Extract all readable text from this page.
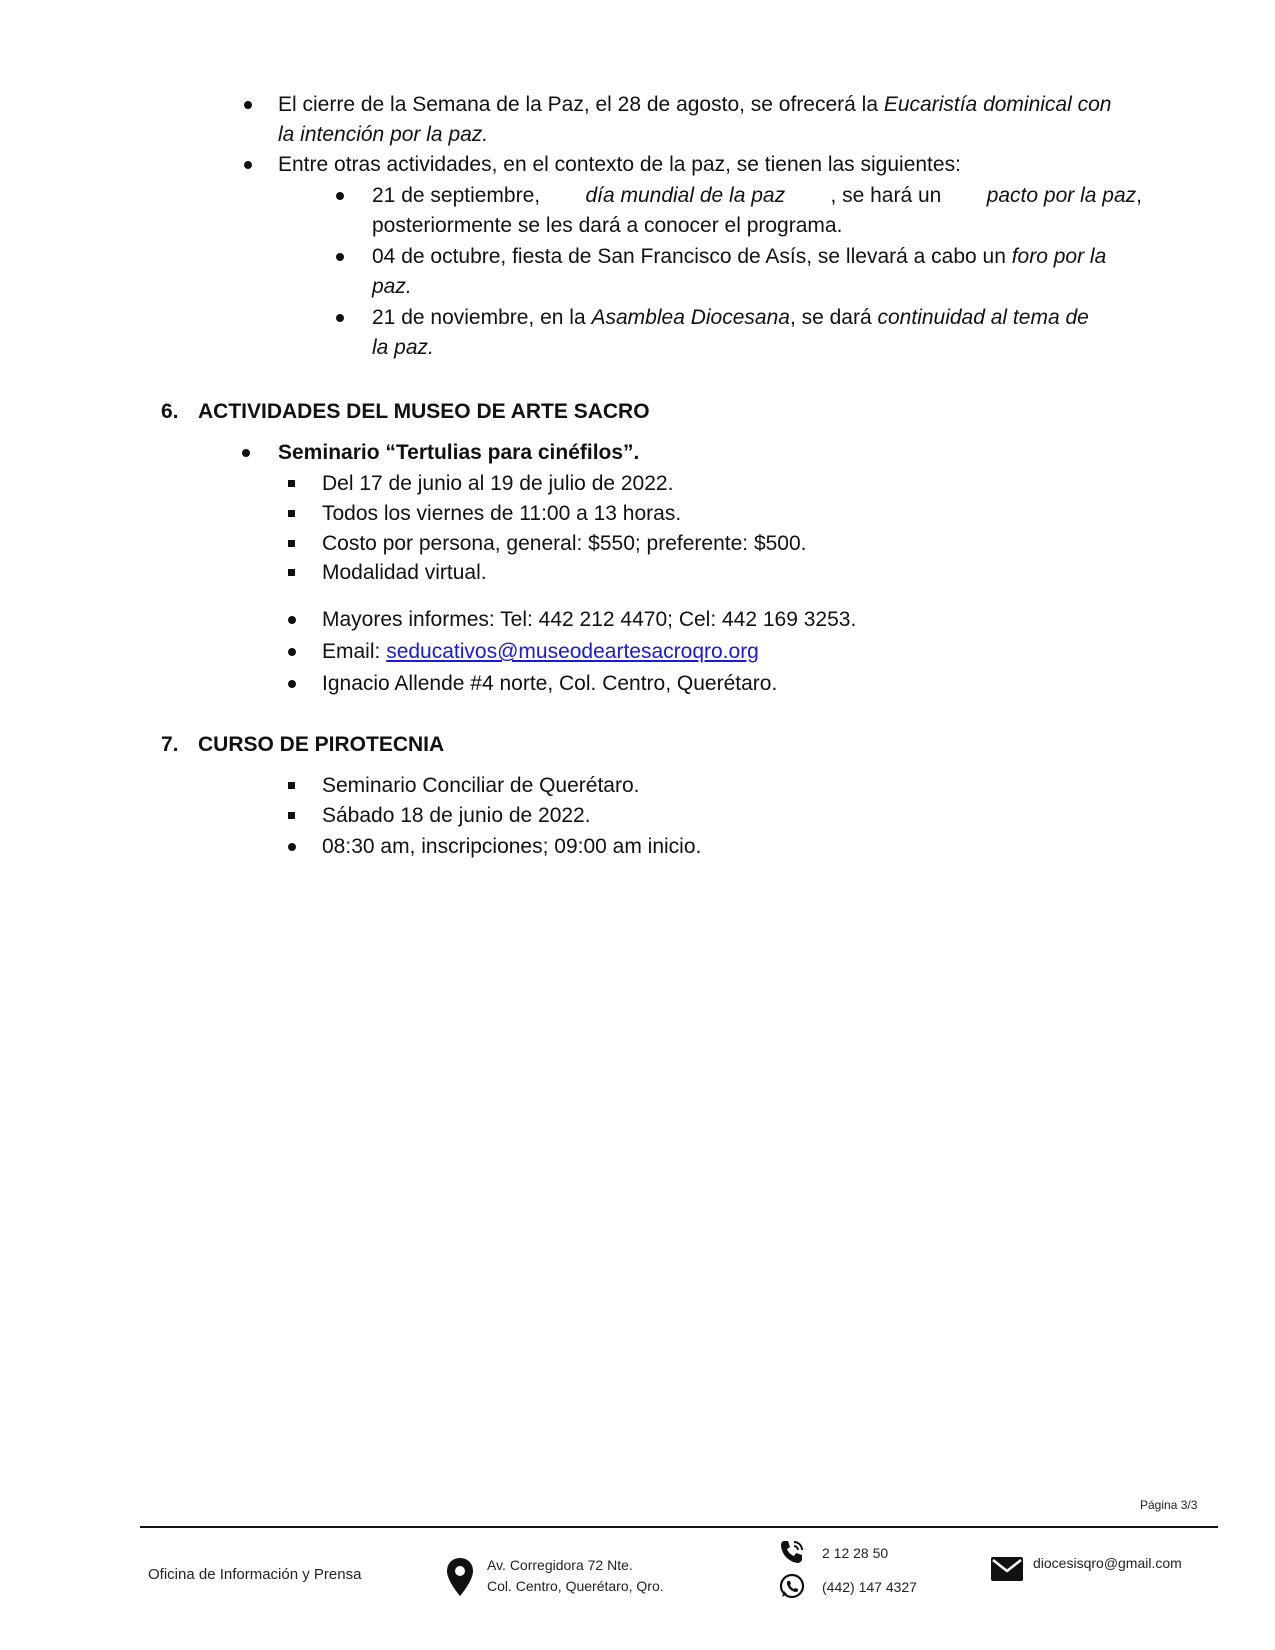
El cierre de la Semana de la Paz, el 28 de agosto, se ofrecerá la Eucaristía dominical con
la intención por la paz.
Entre otras actividades, en el contexto de la paz, se tienen las siguientes:
21 de septiembre, día mundial de la paz , se hará un pacto por la paz,
posteriormente se les dará a conocer el programa.
04 de octubre, fiesta de San Francisco de Asís, se llevará a cabo un foro por la
paz.
21 de noviembre, en la Asamblea Diocesana, se dará continuidad al tema de
la paz.
6. ACTIVIDADES DEL MUSEO DE ARTE SACRO
Seminario “Tertulias para cinéfilos”.
Del 17 de junio al 19 de julio de 2022.
Todos los viernes de 11:00 a 13 horas.
Costo por persona, general: $550; preferente: $500.
Modalidad virtual.
Mayores informes: Tel: 442 212 4470; Cel: 442 169 3253.
Email: seducativos@museodeartesacroqro.org
Ignacio Allende #4 norte, Col. Centro, Querétaro.
7. CURSO DE PIROTECNIA
Seminario Conciliar de Querétaro.
Sábado 18 de junio de 2022.
08:30 am, inscripciones; 09:00 am inicio.
Página 3/3
Oficina de Información y Prensa
Av. Corregidora 72 Nte.
Col. Centro, Querétaro, Qro.
2 12 28 50
(442) 147 4327
diocesisqro@gmail.com
